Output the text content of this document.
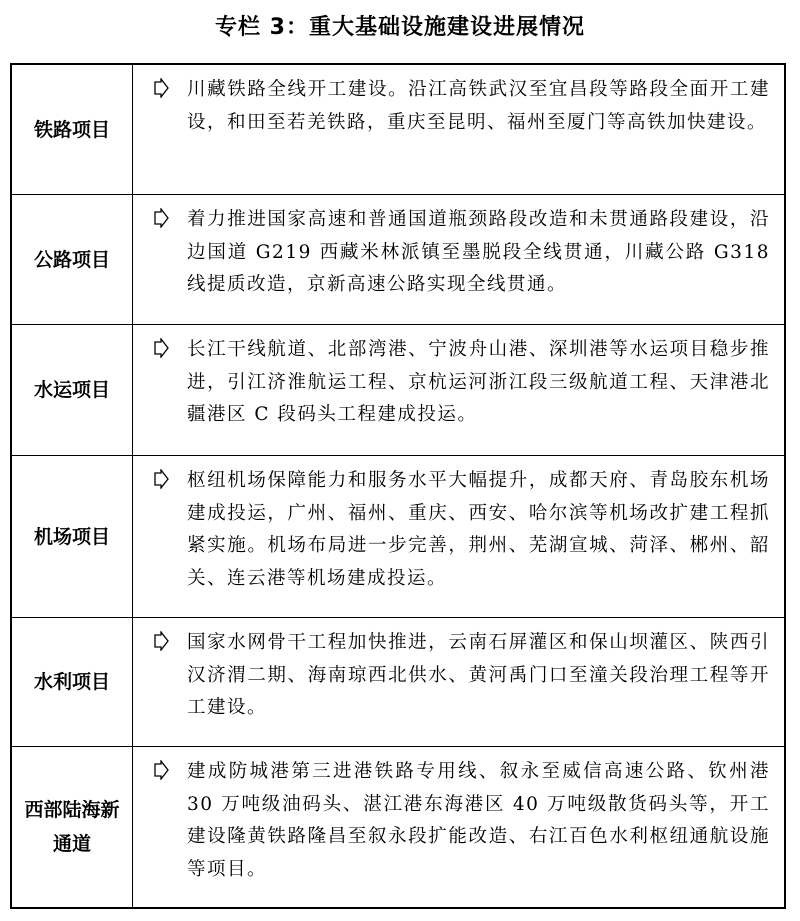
专栏 3：重大基础设施建设进展情况
铁路项目
川藏铁路全线开工建设。沿江高铁武汉至宜昌段等路段全面开工建设，和田至若羌铁路，重庆至昆明、福州至厦门等高铁加快建设。
公路项目
着力推进国家高速和普通国道瓶颈路段改造和未贯通路段建设，沿边国道 G219 西藏米林派镇至墨脱段全线贯通，川藏公路 G318 线提质改造，京新高速公路实现全线贯通。
水运项目
长江干线航道、北部湾港、宁波舟山港、深圳港等水运项目稳步推进，引江济淮航运工程、京杭运河浙江段三级航道工程、天津港北疆港区 C 段码头工程建成投运。
机场项目
枢纽机场保障能力和服务水平大幅提升，成都天府、青岛胶东机场建成投运，广州、福州、重庆、西安、哈尔滨等机场改扩建工程抓紧实施。机场布局进一步完善，荆州、芜湖宣城、菏泽、郴州、韶关、连云港等机场建成投运。
水利项目
国家水网骨干工程加快推进，云南石屏灌区和保山坝灌区、陕西引汉济渭二期、海南琼西北供水、黄河禹门口至潼关段治理工程等开工建设。
西部陆海新通道
建成防城港第三进港铁路专用线、叙永至威信高速公路、钦州港 30 万吨级油码头、湛江港东海港区 40 万吨级散货码头等，开工建设隆黄铁路隆昌至叙永段扩能改造、右江百色水利枢纽通航设施等项目。
